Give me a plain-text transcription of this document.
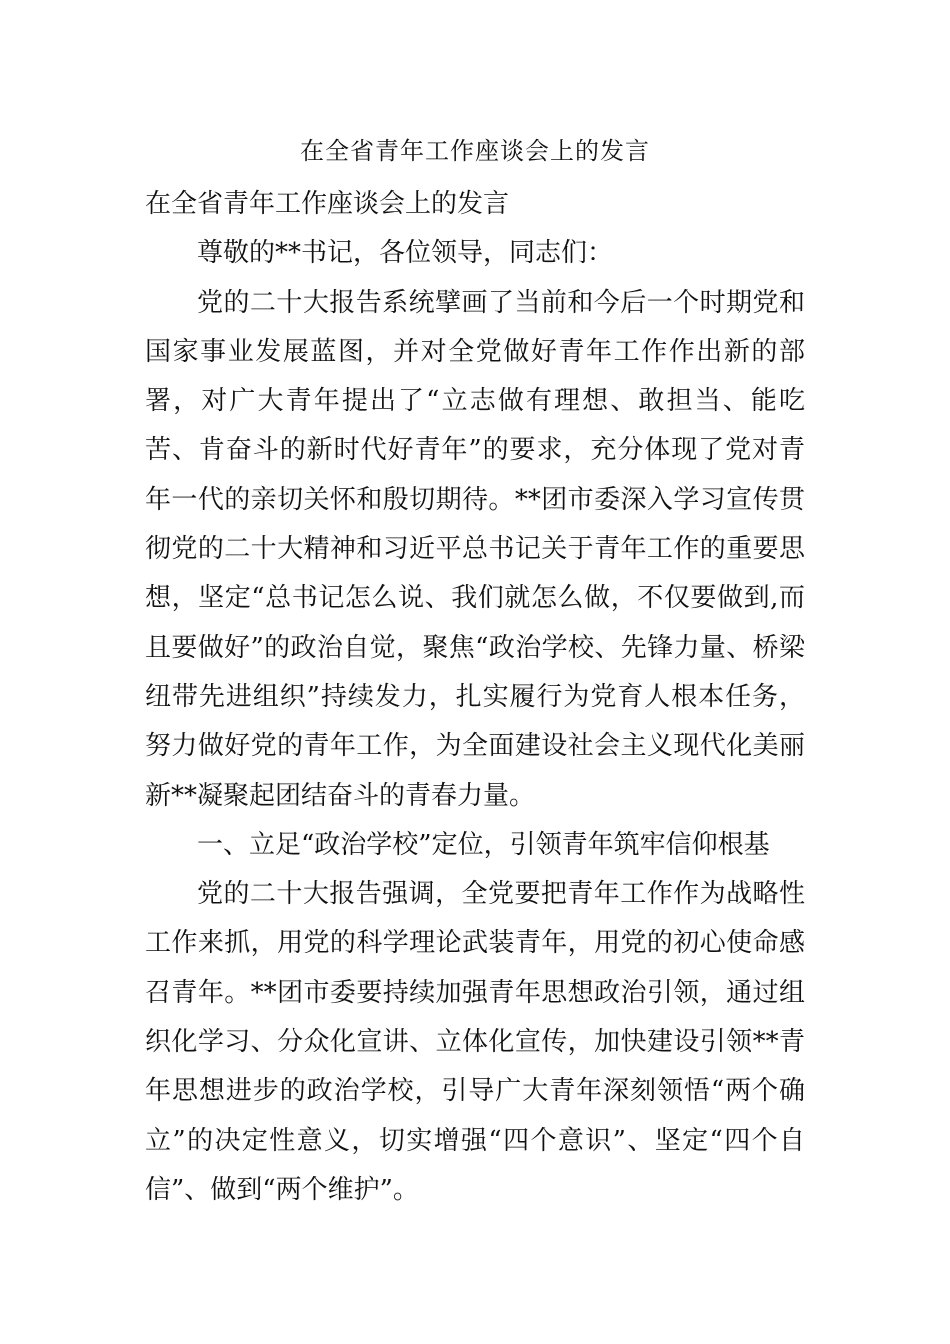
在全省青年工作座谈会上的发言

在全省青年工作座谈会上的发言

尊敬的**书记，各位领导，同志们：

党的二十大报告系统擘画了当前和今后一个时期党和国家事业发展蓝图，并对全党做好青年工作作出新的部署，对广大青年提出了“立志做有理想、敢担当、能吃苦、肯奋斗的新时代好青年”的要求，充分体现了党对青年一代的亲切关怀和殷切期待。**团市委深入学习宣传贯彻党的二十大精神和习近平总书记关于青年工作的重要思想，坚定“总书记怎么说、我们就怎么做，不仅要做到,而且要做好”的政治自觉，聚焦“政治学校、先锋力量、桥梁纽带先进组织”持续发力，扎实履行为党育人根本任务，努力做好党的青年工作，为全面建设社会主义现代化美丽新**凝聚起团结奋斗的青春力量。

一、立足“政治学校”定位，引领青年筑牢信仰根基

党的二十大报告强调，全党要把青年工作作为战略性工作来抓，用党的科学理论武装青年，用党的初心使命感召青年。**团市委要持续加强青年思想政治引领，通过组织化学习、分众化宣讲、立体化宣传，加快建设引领**青年思想进步的政治学校，引导广大青年深刻领悟“两个确立”的决定性意义，切实增强“四个意识”、坚定“四个自信”、做到“两个维护”。
